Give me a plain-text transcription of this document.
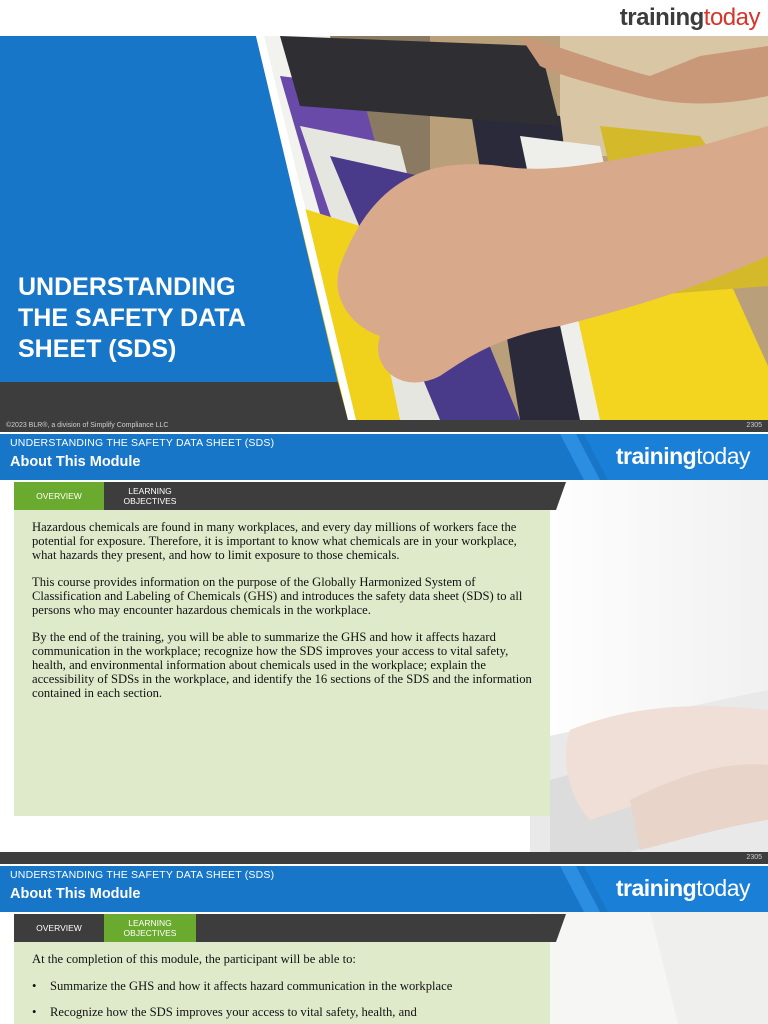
trainingtoday
UNDERSTANDING THE SAFETY DATA SHEET (SDS)
©2023 BLR®, a division of Simplify Compliance LLC	2305
UNDERSTANDING THE SAFETY DATA SHEET (SDS)
About This Module	trainingtoday
OVERVIEW	LEARNING OBJECTIVES

Hazardous chemicals are found in many workplaces, and every day millions of workers face the potential for exposure. Therefore, it is important to know what chemicals are in your workplace, what hazards they present, and how to limit exposure to those chemicals.

This course provides information on the purpose of the Globally Harmonized System of Classification and Labeling of Chemicals (GHS) and introduces the safety data sheet (SDS) to all persons who may encounter hazardous chemicals in the workplace.

By the end of the training, you will be able to summarize the GHS and how it affects hazard communication in the workplace; recognize how the SDS improves your access to vital safety, health, and environmental information about chemicals used in the workplace; explain the accessibility of SDSs in the workplace, and identify the 16 sections of the SDS and the information contained in each section.

2305
UNDERSTANDING THE SAFETY DATA SHEET (SDS)
About This Module	trainingtoday
OVERVIEW	LEARNING OBJECTIVES

At the completion of this module, the participant will be able to:

• Summarize the GHS and how it affects hazard communication in the workplace
• Recognize how the SDS improves your access to vital safety, health, and
